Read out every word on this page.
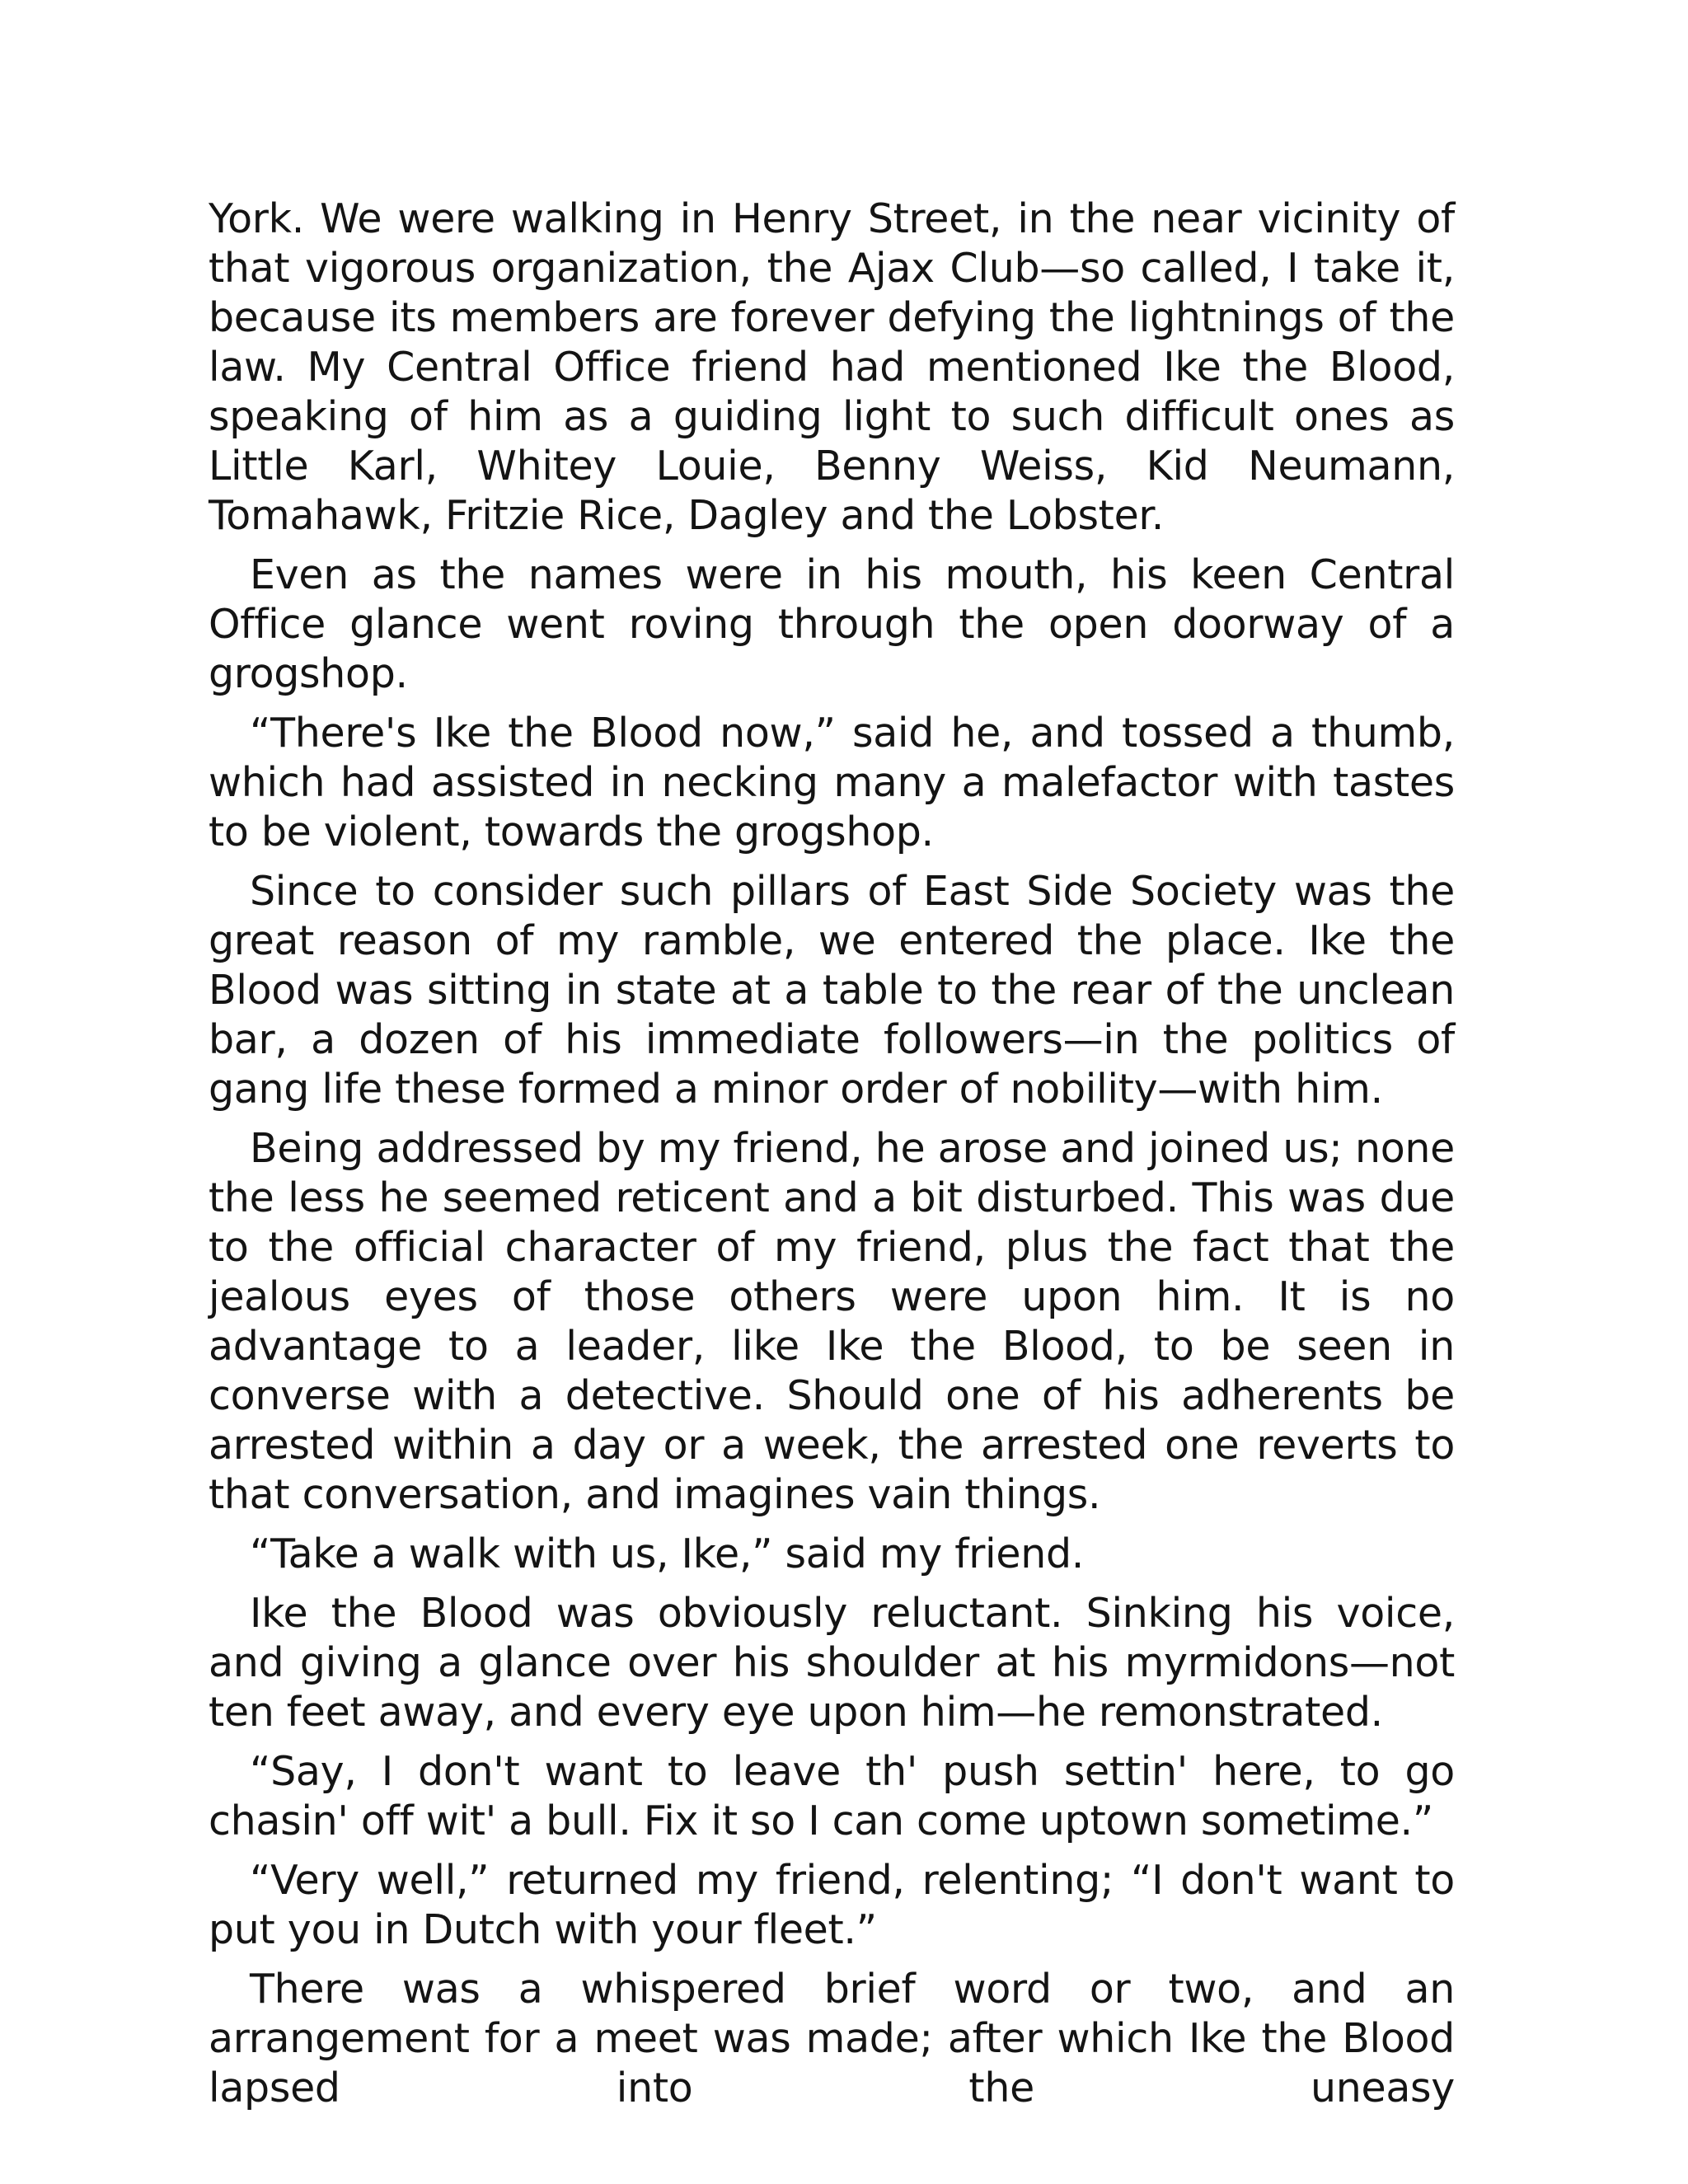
York. We were walking in Henry Street, in the near vicinity of that vigorous organization, the Ajax Club—so called, I take it, because its members are forever defying the lightnings of the law. My Central Office friend had mentioned Ike the Blood, speaking of him as a guiding light to such difficult ones as Little Karl, Whitey Louie, Benny Weiss, Kid Neumann, Tomahawk, Fritzie Rice, Dagley and the Lobster.

Even as the names were in his mouth, his keen Central Office glance went roving through the open doorway of a grogshop.

“There's Ike the Blood now,” said he, and tossed a thumb, which had assisted in necking many a malefactor with tastes to be violent, towards the grogshop.

Since to consider such pillars of East Side Society was the great reason of my ramble, we entered the place. Ike the Blood was sitting in state at a table to the rear of the unclean bar, a dozen of his immediate followers—in the politics of gang life these formed a minor order of nobility—with him.

Being addressed by my friend, he arose and joined us; none the less he seemed reticent and a bit disturbed. This was due to the official character of my friend, plus the fact that the jealous eyes of those others were upon him. It is no advantage to a leader, like Ike the Blood, to be seen in converse with a detective. Should one of his adherents be arrested within a day or a week, the arrested one reverts to that conversation, and imagines vain things.

“Take a walk with us, Ike,” said my friend.

Ike the Blood was obviously reluctant. Sinking his voice, and giving a glance over his shoulder at his myrmidons—not ten feet away, and every eye upon him—he remonstrated.

“Say, I don't want to leave th' push settin' here, to go chasin' off wit' a bull. Fix it so I can come uptown sometime.”

“Very well,” returned my friend, relenting; “I don't want to put you in Dutch with your fleet.”

There was a whispered brief word or two, and an arrangement for a meet was made; after which Ike the Blood lapsed into the uneasy
